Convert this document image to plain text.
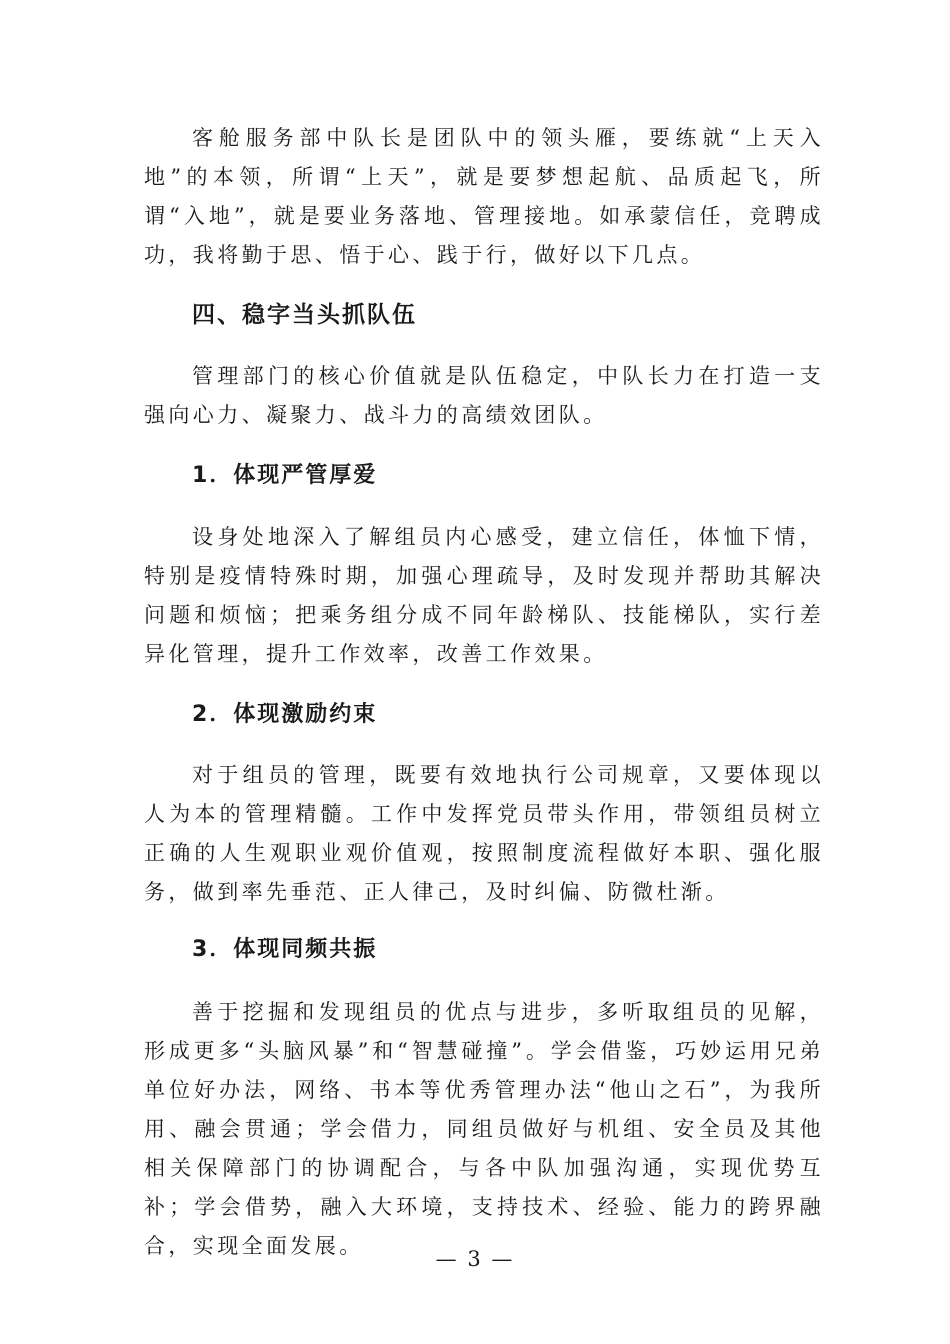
客舱服务部中队长是团队中的领头雁，要练就“上天入地”的本领，所谓“上天”，就是要梦想起航、品质起飞，所谓“入地”，就是要业务落地、管理接地。如承蒙信任，竞聘成功，我将勤于思、悟于心、践于行，做好以下几点。

四、稳字当头抓队伍

管理部门的核心价值就是队伍稳定，中队长力在打造一支强向心力、凝聚力、战斗力的高绩效团队。

1．体现严管厚爱

设身处地深入了解组员内心感受，建立信任，体恤下情，特别是疫情特殊时期，加强心理疏导，及时发现并帮助其解决问题和烦恼；把乘务组分成不同年龄梯队、技能梯队，实行差异化管理，提升工作效率，改善工作效果。

2．体现激励约束

对于组员的管理，既要有效地执行公司规章，又要体现以人为本的管理精髓。工作中发挥党员带头作用，带领组员树立正确的人生观职业观价值观，按照制度流程做好本职、强化服务，做到率先垂范、正人律己，及时纠偏、防微杜渐。

3．体现同频共振

善于挖掘和发现组员的优点与进步，多听取组员的见解，形成更多“头脑风暴”和“智慧碰撞”。学会借鉴，巧妙运用兄弟单位好办法，网络、书本等优秀管理办法“他山之石”，为我所用、融会贯通；学会借力，同组员做好与机组、安全员及其他相关保障部门的协调配合，与各中队加强沟通，实现优势互补；学会借势，融入大环境，支持技术、经验、能力的跨界融合，实现全面发展。

— 3 —
